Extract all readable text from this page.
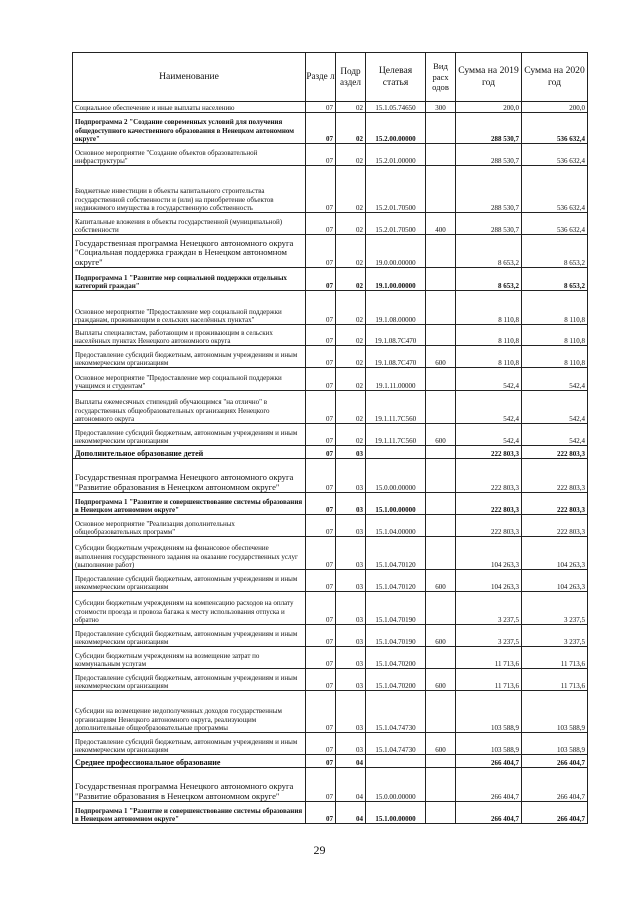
Наименование	Разде л	Подр аздел	Целевая статья	Вид расх одов	Сумма на 2019 год	Сумма на 2020 год
Социальное обеспечение и иные выплаты населению	07	02	15.1.05.74650	300	200,0	200,0
Подпрограмма 2 "Создание современных условий для получения общедоступного качественного образования в Ненецком автономном округе"	07	02	15.2.00.00000		288 530,7	536 632,4
Основное мероприятие "Создание объектов образовательной инфраструктуры"	07	02	15.2.01.00000		288 530,7	536 632,4
Бюджетные инвестиции в объекты капитального строительства государственной собственности и (или) на приобретение объектов недвижимого имущества в государственную собственность	07	02	15.2.01.70500		288 530,7	536 632,4
Капитальные вложения в объекты государственной (муниципальной) собственности	07	02	15.2.01.70500	400	288 530,7	536 632,4
Государственная программа Ненецкого автономного округа "Социальная поддержка граждан в Ненецком автономном округе"	07	02	19.0.00.00000		8 653,2	8 653,2
Подпрограмма 1 "Развитие мер социальной поддержки отдельных категорий граждан"	07	02	19.1.00.00000		8 653,2	8 653,2
Основное мероприятие "Предоставление мер социальной поддержки гражданам, проживающим в сельских населённых пунктах"	07	02	19.1.08.00000		8 110,8	8 110,8
Выплаты специалистам, работающим и проживающим в сельских населённых пунктах Ненецкого автономного округа	07	02	19.1.08.7С470		8 110,8	8 110,8
Предоставление субсидий бюджетным, автономным учреждениям и иным некоммерческим организациям	07	02	19.1.08.7С470	600	8 110,8	8 110,8
Основное мероприятие "Предоставление мер социальной поддержки учащимся и студентам"	07	02	19.1.11.00000		542,4	542,4
Выплаты ежемесячных стипендий обучающимся "на отлично" в государственных общеобразовательных организациях Ненецкого автономного округа	07	02	19.1.11.7С560		542,4	542,4
Предоставление субсидий бюджетным, автономным учреждениям и иным некоммерческим организациям	07	02	19.1.11.7С560	600	542,4	542,4
Дополнительное образование детей	07	03			222 803,3	222 803,3
Государственная программа Ненецкого автономного округа "Развитие образования в Ненецком автономном округе"	07	03	15.0.00.00000		222 803,3	222 803,3
Подпрограмма 1 "Развитие и совершенствование системы образования в Ненецком автономном округе"	07	03	15.1.00.00000		222 803,3	222 803,3
Основное мероприятие "Реализация дополнительных общеобразовательных программ"	07	03	15.1.04.00000		222 803,3	222 803,3
Субсидии бюджетным учреждениям на финансовое обеспечение выполнения государственного задания на оказание государственных услуг (выполнение работ)	07	03	15.1.04.70120		104 263,3	104 263,3
Предоставление субсидий бюджетным, автономным учреждениям и иным некоммерческим организациям	07	03	15.1.04.70120	600	104 263,3	104 263,3
Субсидии бюджетным учреждениям на компенсацию расходов на оплату стоимости проезда и провоза багажа к месту использования отпуска и обратно	07	03	15.1.04.70190		3 237,5	3 237,5
Предоставление субсидий бюджетным, автономным учреждениям и иным некоммерческим организациям	07	03	15.1.04.70190	600	3 237,5	3 237,5
Субсидии бюджетным учреждениям на возмещение затрат по коммунальным услугам	07	03	15.1.04.70200		11 713,6	11 713,6
Предоставление субсидий бюджетным, автономным учреждениям и иным некоммерческим организациям	07	03	15.1.04.70200	600	11 713,6	11 713,6
Субсидии на возмещение недополученных доходов государственным организациям Ненецкого автономного округа, реализующим дополнительные общеобразовательные программы	07	03	15.1.04.74730		103 588,9	103 588,9
Предоставление субсидий бюджетным, автономным учреждениям и иным некоммерческим организациям	07	03	15.1.04.74730	600	103 588,9	103 588,9
Среднее профессиональное образование	07	04			266 404,7	266 404,7
Государственная программа Ненецкого автономного округа "Развитие образования в Ненецком автономном округе"	07	04	15.0.00.00000		266 404,7	266 404,7
Подпрограмма 1 "Развитие и совершенствование системы образования в Ненецком автономном округе"	07	04	15.1.00.00000		266 404,7	266 404,7
29
